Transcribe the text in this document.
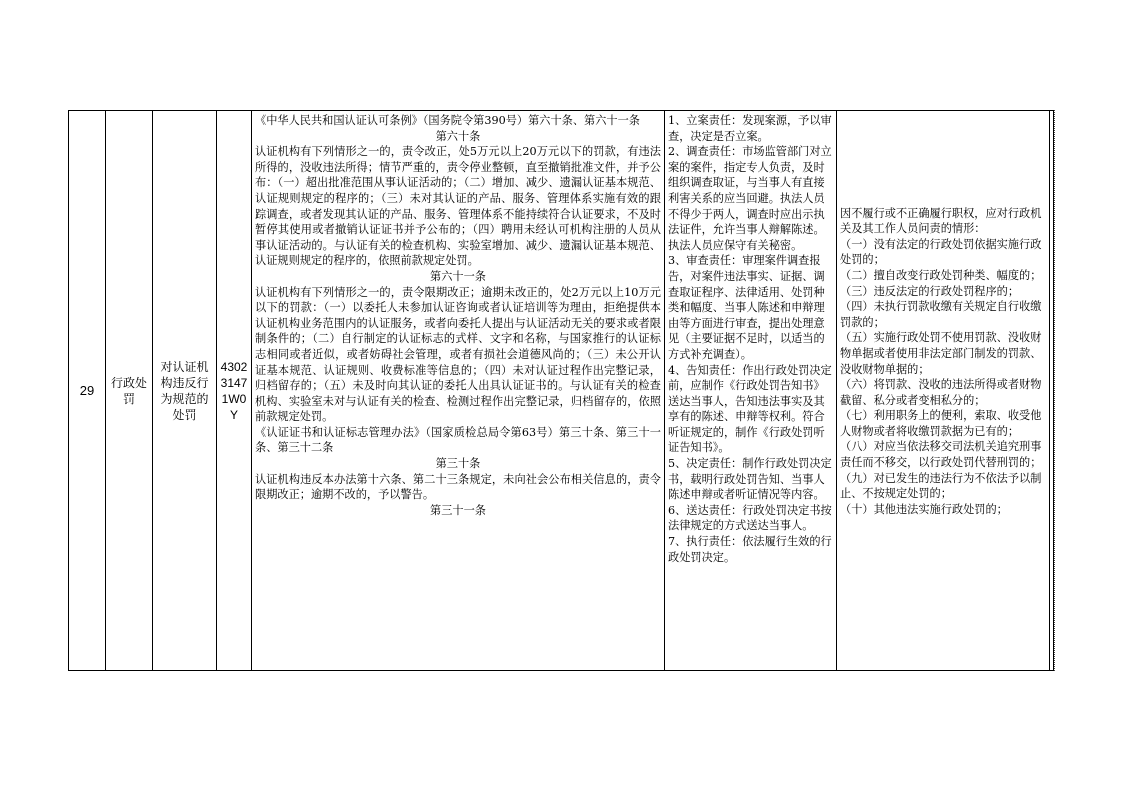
29
行政处罚
对认证机构违反行为规范的处罚
43023147 1W0Y
《中华人民共和国认证认可条例》（国务院令第390号）第六十条、第六十一条
第六十条
认证机构有下列情形之一的，责令改正，处5万元以上20万元以下的罚款，有违法所得的，没收违法所得；情节严重的，责令停业整顿，直至撤销批准文件，并予公布：（一）超出批准范围从事认证活动的；（二）增加、减少、遗漏认证基本规范、认证规则规定的程序的；（三）未对其认证的产品、服务、管理体系实施有效的跟踪调查，或者发现其认证的产品、服务、管理体系不能持续符合认证要求，不及时暂停其使用或者撤销认证证书并予公布的；（四）聘用未经认可机构注册的人员从事认证活动的。与认证有关的检查机构、实验室增加、减少、遗漏认证基本规范、认证规则规定的程序的，依照前款规定处罚。
第六十一条
认证机构有下列情形之一的，责令限期改正；逾期未改正的，处2万元以上10万元以下的罚款：（一）以委托人未参加认证咨询或者认证培训等为理由，拒绝提供本认证机构业务范围内的认证服务，或者向委托人提出与认证活动无关的要求或者限制条件的；（二）自行制定的认证标志的式样、文字和名称，与国家推行的认证标志相同或者近似，或者妨碍社会管理，或者有损社会道德风尚的；（三）未公开认证基本规范、认证规则、收费标准等信息的；（四）未对认证过程作出完整记录，归档留存的；（五）未及时向其认证的委托人出具认证证书的。与认证有关的检查机构、实验室未对与认证有关的检查、检测过程作出完整记录，归档留存的，依照前款规定处罚。
《认证证书和认证标志管理办法》（国家质检总局令第63号）第三十条、第三十一条、第三十二条
第三十条
认证机构违反本办法第十六条、第二十三条规定，未向社会公布相关信息的，责令限期改正；逾期不改的，予以警告。
第三十一条
1、立案责任：发现案源，予以审查，决定是否立案。
2、调查责任：市场监管部门对立案的案件，指定专人负责，及时组织调查取证，与当事人有直接利害关系的应当回避。执法人员不得少于两人，调查时应出示执法证件，允许当事人辩解陈述。执法人员应保守有关秘密。
3、审查责任：审理案件调查报告，对案件违法事实、证据、调查取证程序、法律适用、处罚种类和幅度、当事人陈述和申辩理由等方面进行审查，提出处理意见（主要证据不足时，以适当的方式补充调查）。
4、告知责任：作出行政处罚决定前，应制作《行政处罚告知书》送达当事人，告知违法事实及其享有的陈述、申辩等权利。符合听证规定的，制作《行政处罚听证告知书》。
5、决定责任：制作行政处罚决定书，载明行政处罚告知、当事人陈述申辩或者听证情况等内容。
6、送达责任：行政处罚决定书按法律规定的方式送达当事人。
7、执行责任：依法履行生效的行政处罚决定。
因不履行或不正确履行职权，应对行政机关及其工作人员问责的情形：
（一）没有法定的行政处罚依据实施行政处罚的；
（二）擅自改变行政处罚种类、幅度的；
（三）违反法定的行政处罚程序的；
（四）未执行罚款收缴有关规定自行收缴罚款的；
（五）实施行政处罚不使用罚款、没收财物单据或者使用非法定部门制发的罚款、没收财物单据的；
（六）将罚款、没收的违法所得或者财物截留、私分或者变相私分的；
（七）利用职务上的便利，索取、收受他人财物或者将收缴罚款据为已有的；
（八）对应当依法移交司法机关追究刑事责任而不移交，以行政处罚代替刑罚的；
（九）对已发生的违法行为不依法予以制止、不按规定处罚的；
（十）其他违法实施行政处罚的；
